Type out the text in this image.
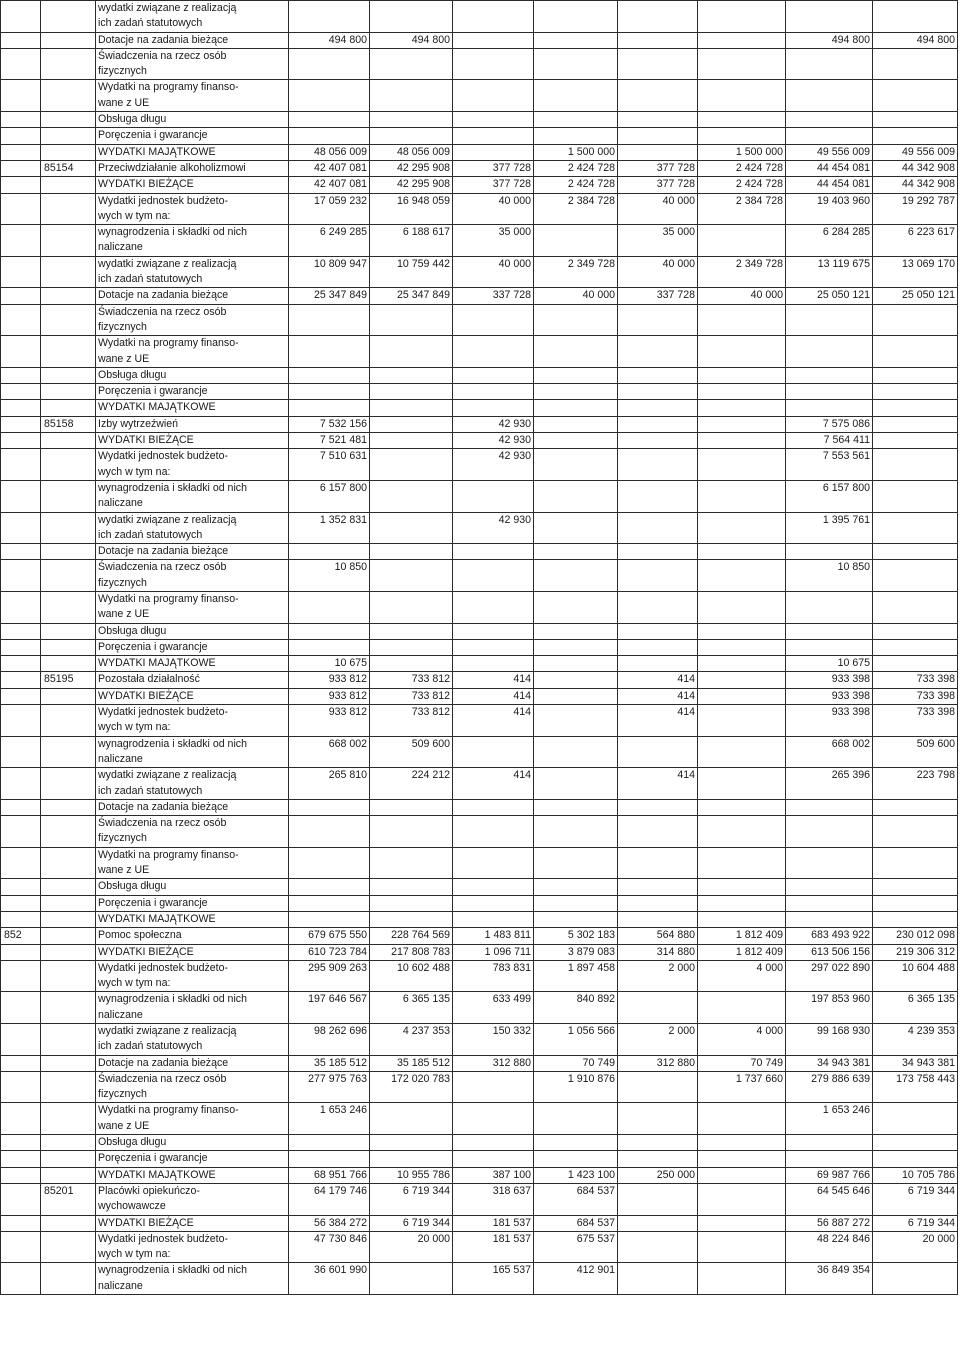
		wydatki związane z realizacją
ich zadań statutowych								
		Dotacje na zadania bieżące	494 800	494 800					494 800	494 800
		Świadczenia na rzecz osób
fizycznych								
		Wydatki na programy finanso-
wane z UE								
		Obsługa długu								
		Poręczenia i gwarancje								
		WYDATKI MAJĄTKOWE	48 056 009	48 056 009		1 500 000		1 500 000	49 556 009	49 556 009
	85154	Przeciwdziałanie alkoholizmowi	42 407 081	42 295 908	377 728	2 424 728	377 728	2 424 728	44 454 081	44 342 908
		WYDATKI BIEŻĄCE	42 407 081	42 295 908	377 728	2 424 728	377 728	2 424 728	44 454 081	44 342 908
		Wydatki jednostek budżeto-
wych w tym na:	17 059 232	16 948 059	40 000	2 384 728	40 000	2 384 728	19 403 960	19 292 787
		wynagrodzenia i składki od nich
naliczane	6 249 285	6 188 617	35 000		35 000		6 284 285	6 223 617
		wydatki związane z realizacją
ich zadań statutowych	10 809 947	10 759 442	40 000	2 349 728	40 000	2 349 728	13 119 675	13 069 170
		Dotacje na zadania bieżące	25 347 849	25 347 849	337 728	40 000	337 728	40 000	25 050 121	25 050 121
		Świadczenia na rzecz osób
fizycznych								
		Wydatki na programy finanso-
wane z UE								
		Obsługa długu								
		Poręczenia i gwarancje								
		WYDATKI MAJĄTKOWE								
	85158	Izby wytrzeźwień	7 532 156		42 930				7 575 086	
		WYDATKI BIEŻĄCE	7 521 481		42 930				7 564 411	
		Wydatki jednostek budżeto-
wych w tym na:	7 510 631		42 930				7 553 561	
		wynagrodzenia i składki od nich
naliczane	6 157 800						6 157 800	
		wydatki związane z realizacją
ich zadań statutowych	1 352 831		42 930				1 395 761	
		Dotacje na zadania bieżące								
		Świadczenia na rzecz osób
fizycznych	10 850						10 850	
		Wydatki na programy finanso-
wane z UE								
		Obsługa długu								
		Poręczenia i gwarancje								
		WYDATKI MAJĄTKOWE	10 675						10 675	
	85195	Pozostała działalność	933 812	733 812	414		414		933 398	733 398
		WYDATKI BIEŻĄCE	933 812	733 812	414		414		933 398	733 398
		Wydatki jednostek budżeto-
wych w tym na:	933 812	733 812	414		414		933 398	733 398
		wynagrodzenia i składki od nich
naliczane	668 002	509 600					668 002	509 600
		wydatki związane z realizacją
ich zadań statutowych	265 810	224 212	414		414		265 396	223 798
		Dotacje na zadania bieżące								
		Świadczenia na rzecz osób
fizycznych								
		Wydatki na programy finanso-
wane z UE								
		Obsługa długu								
		Poręczenia i gwarancje								
		WYDATKI MAJĄTKOWE								
852		Pomoc społeczna	679 675 550	228 764 569	1 483 811	5 302 183	564 880	1 812 409	683 493 922	230 012 098
		WYDATKI BIEŻĄCE	610 723 784	217 808 783	1 096 711	3 879 083	314 880	1 812 409	613 506 156	219 306 312
		Wydatki jednostek budżeto-
wych w tym na:	295 909 263	10 602 488	783 831	1 897 458	2 000	4 000	297 022 890	10 604 488
		wynagrodzenia i składki od nich
naliczane	197 646 567	6 365 135	633 499	840 892			197 853 960	6 365 135
		wydatki związane z realizacją
ich zadań statutowych	98 262 696	4 237 353	150 332	1 056 566	2 000	4 000	99 168 930	4 239 353
		Dotacje na zadania bieżące	35 185 512	35 185 512	312 880	70 749	312 880	70 749	34 943 381	34 943 381
		Świadczenia na rzecz osób
fizycznych	277 975 763	172 020 783		1 910 876		1 737 660	279 886 639	173 758 443
		Wydatki na programy finanso-
wane z UE	1 653 246						1 653 246	
		Obsługa długu								
		Poręczenia i gwarancje								
		WYDATKI MAJĄTKOWE	68 951 766	10 955 786	387 100	1 423 100	250 000		69 987 766	10 705 786
	85201	Placówki opiekuńczo-
wychowawcze	64 179 746	6 719 344	318 637	684 537			64 545 646	6 719 344
		WYDATKI BIEŻĄCE	56 384 272	6 719 344	181 537	684 537			56 887 272	6 719 344
		Wydatki jednostek budżeto-
wych w tym na:	47 730 846	20 000	181 537	675 537			48 224 846	20 000
		wynagrodzenia i składki od nich
naliczane	36 601 990		165 537	412 901			36 849 354	
